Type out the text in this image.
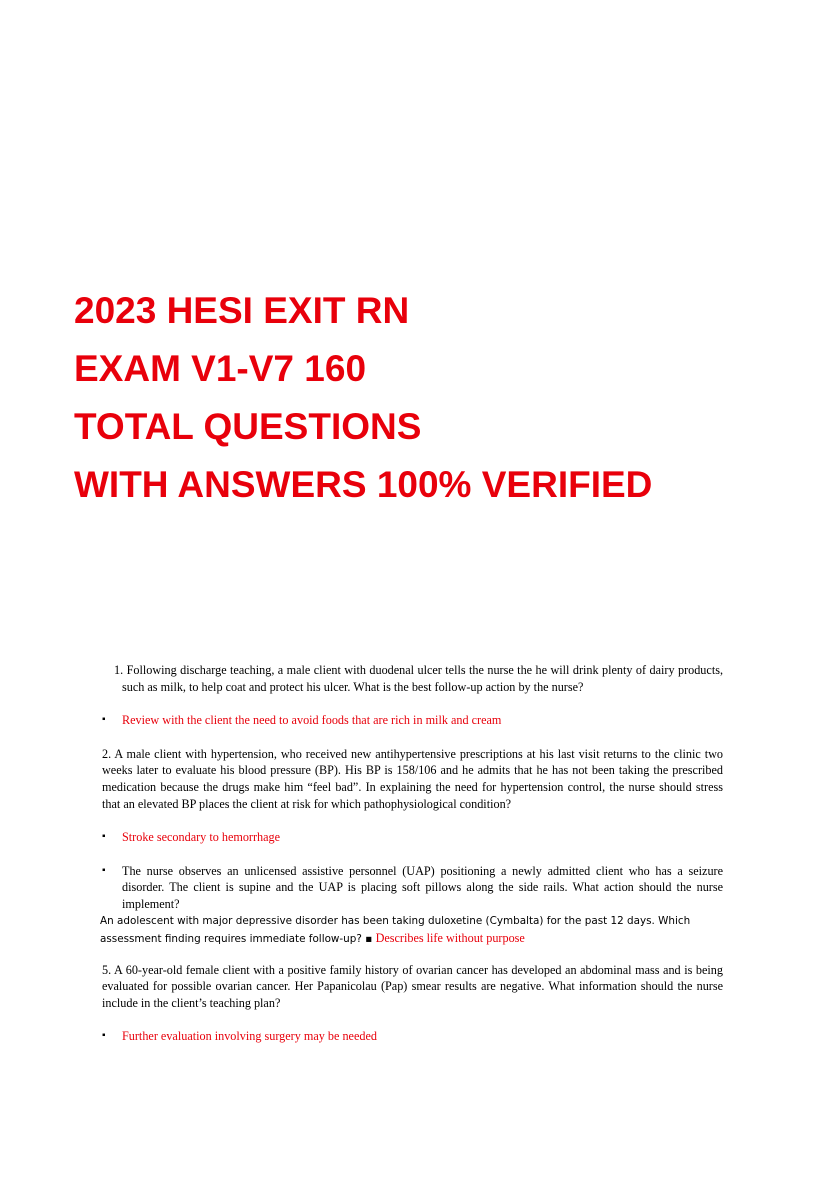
2023 HESI EXIT RN
EXAM V1-V7 160
TOTAL QUESTIONS
WITH ANSWERS 100% VERIFIED

1. Following discharge teaching, a male client with duodenal ulcer tells the nurse the he will drink plenty of dairy products, such as milk, to help coat and protect his ulcer. What is the best follow-up action by the nurse?

▪ Review with the client the need to avoid foods that are rich in milk and cream

2. A male client with hypertension, who received new antihypertensive prescriptions at his last visit returns to the clinic two weeks later to evaluate his blood pressure (BP). His BP is 158/106 and he admits that he has not been taking the prescribed medication because the drugs make him “feel bad”. In explaining the need for hypertension control, the nurse should stress that an elevated BP places the client at risk for which pathophysiological condition?

▪ Stroke secondary to hemorrhage

▪ The nurse observes an unlicensed assistive personnel (UAP) positioning a newly admitted client who has a seizure disorder. The client is supine and the UAP is placing soft pillows along the side rails. What action should the nurse implement?

An adolescent with major depressive disorder has been taking duloxetine (Cymbalta) for the past 12 days. Which assessment finding requires immediate follow-up? ▪ Describes life without purpose

5. A 60-year-old female client with a positive family history of ovarian cancer has developed an abdominal mass and is being evaluated for possible ovarian cancer. Her Papanicolau (Pap) smear results are negative. What information should the nurse include in the client’s teaching plan?

▪ Further evaluation involving surgery may be needed
